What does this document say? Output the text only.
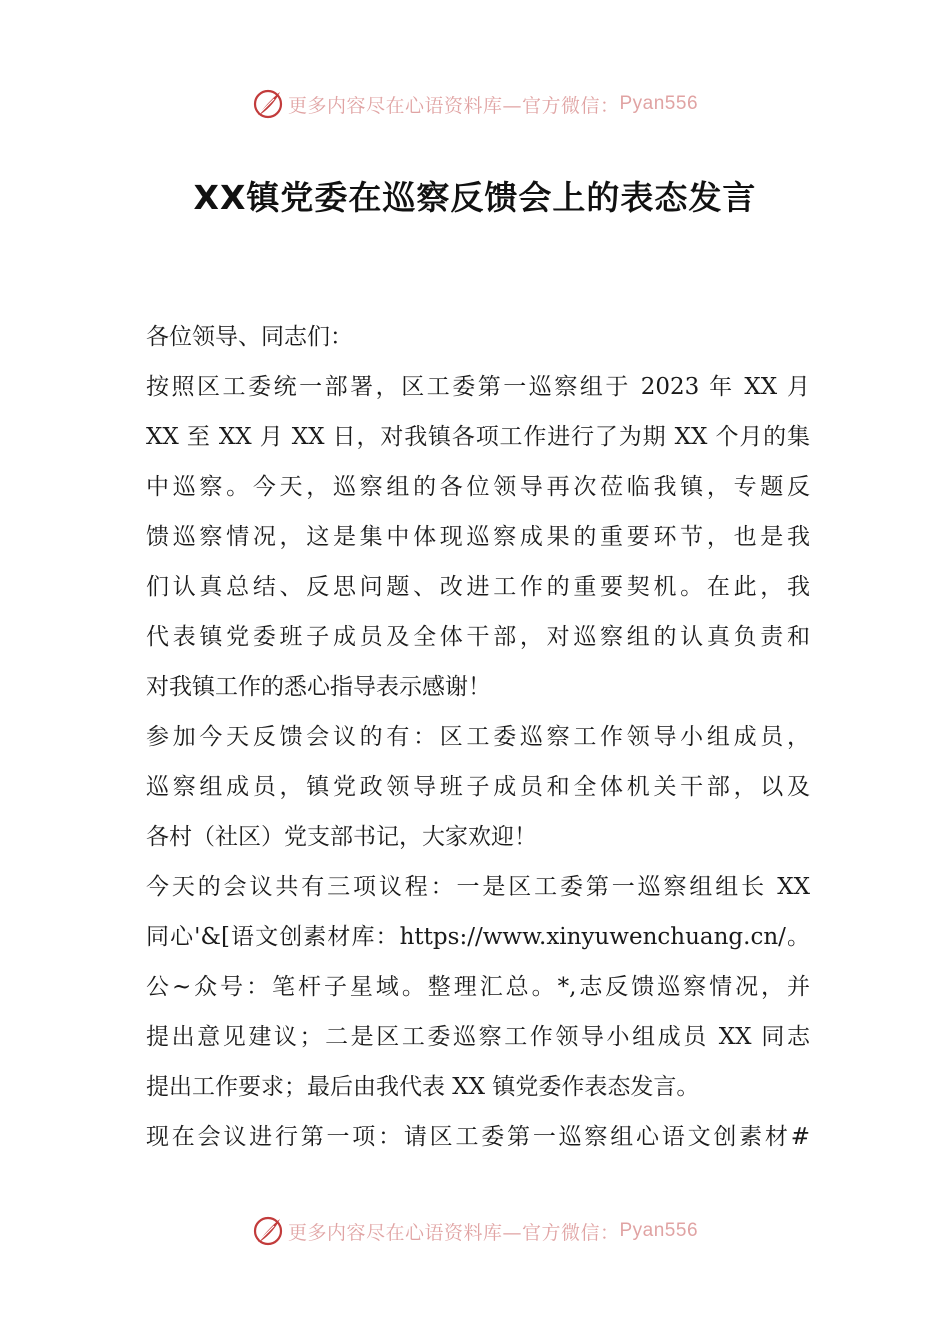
更多内容尽在心语资料库—官方微信： Pyan556
XX镇党委在巡察反馈会上的表态发言
各位领导、同志们：
按照区工委统一部署，区工委第一巡察组于 2023 年 XX 月
XX 至 XX 月 XX 日，对我镇各项工作进行了为期 XX 个月的集
中巡察。今天，巡察组的各位领导再次莅临我镇，专题反
馈巡察情况，这是集中体现巡察成果的重要环节，也是我
们认真总结、反思问题、改进工作的重要契机。在此，我
代表镇党委班子成员及全体干部，对巡察组的认真负责和
对我镇工作的悉心指导表示感谢！
参加今天反馈会议的有：区工委巡察工作领导小组成员，
巡察组成员，镇党政领导班子成员和全体机关干部，以及
各村（社区）党支部书记，大家欢迎！
今天的会议共有三项议程：一是区工委第一巡察组组长 XX
同心'&[语文创素材库：https://www.xinyuwenchuang.cn/。
公~众号：笔杆子星域。整理汇总。*,志反馈巡察情况，并
提出意见建议；二是区工委巡察工作领导小组成员 XX 同志
提出工作要求；最后由我代表 XX 镇党委作表态发言。
现在会议进行第一项：请区工委第一巡察组心语文创素材#
更多内容尽在心语资料库—官方微信： Pyan556
